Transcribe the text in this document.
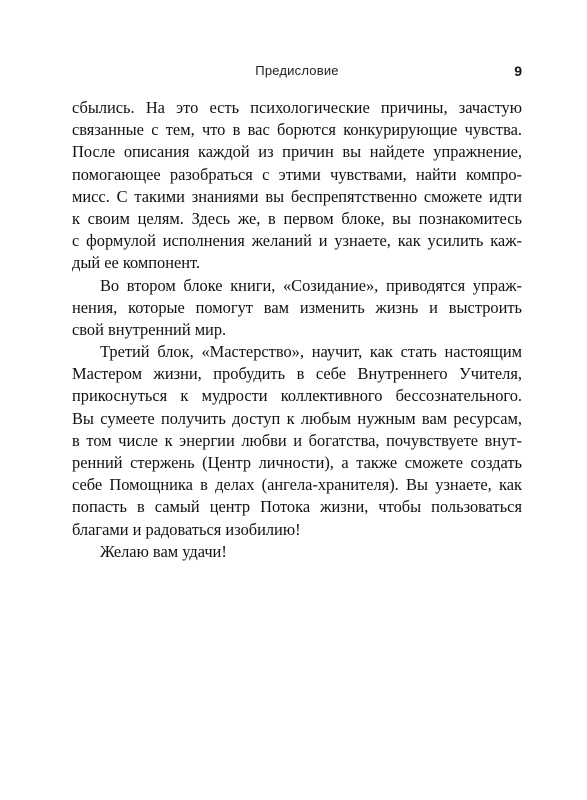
Предисловие	9
сбылись. На это есть психологические причины, зачастую
связанные с тем, что в вас борются конкурирующие чувства.
После описания каждой из причин вы найдете упражнение,
помогающее разобраться с этими чувствами, найти компро-
мисс. С такими знаниями вы беспрепятственно сможете идти
к своим целям. Здесь же, в первом блоке, вы познакомитесь
с формулой исполнения желаний и узнаете, как усилить каж-
дый ее компонент.
Во втором блоке книги, «Созидание», приводятся упраж-
нения, которые помогут вам изменить жизнь и выстроить
свой внутренний мир.
Третий блок, «Мастерство», научит, как стать настоящим
Мастером жизни, пробудить в себе Внутреннего Учителя,
прикоснуться к мудрости коллективного бессознательного.
Вы сумеете получить доступ к любым нужным вам ресурсам,
в том числе к энергии любви и богатства, почувствуете внут-
ренний стержень (Центр личности), а также сможете создать
себе Помощника в делах (ангела-хранителя). Вы узнаете, как
попасть в самый центр Потока жизни, чтобы пользоваться
благами и радоваться изобилию!
Желаю вам удачи!
